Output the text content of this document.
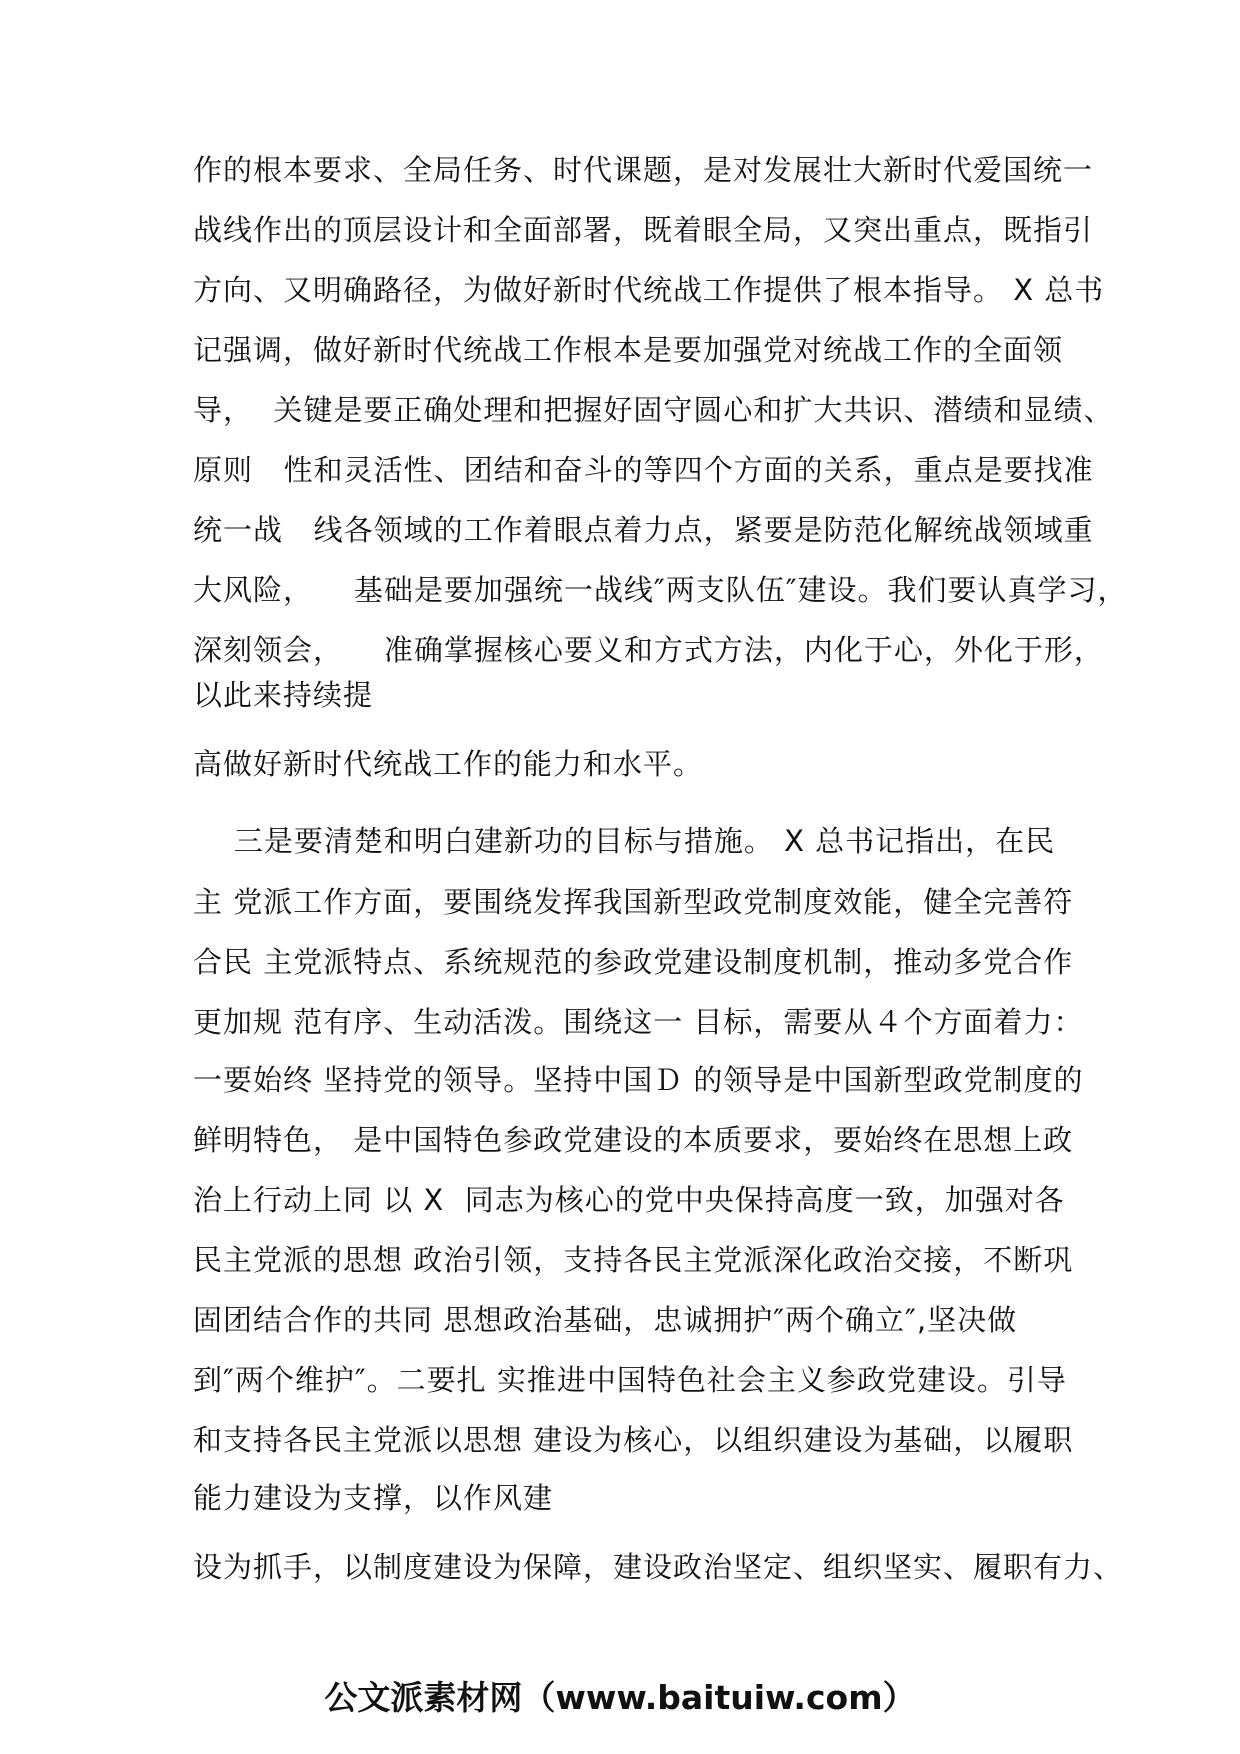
作的根本要求、全局任务、时代课题，是对发展壮大新时代爱国统一
战线作出的顶层设计和全面部署，既着眼全局，又突出重点，既指引
方向、又明确路径，为做好新时代统战工作提供了根本指导。 X 总书
记强调，做好新时代统战工作根本是要加强党对统战工作的全面领
导，  关键是要正确处理和把握好固守圆心和扩大共识、潜绩和显绩、
原则   性和灵活性、团结和奋斗的等四个方面的关系，重点是要找准
统一战   线各领域的工作着眼点着力点，紧要是防范化解统战领域重
大风险，    基础是要加强统一战线″两支队伍″建设。我们要认真学习，
深刻领会，    准确掌握核心要义和方式方法，内化于心，外化于形，
以此来持续提
高做好新时代统战工作的能力和水平。
三是要清楚和明白建新功的目标与措施。 X 总书记指出，在民
主 党派工作方面，要围绕发挥我国新型政党制度效能，健全完善符
合民 主党派特点、系统规范的参政党建设制度机制，推动多党合作
更加规 范有序、生动活泼。围绕这一 目标，需要从４个方面着力：
一要始终 坚持党的领导。坚持中国Ｄ 的领导是中国新型政党制度的
鲜明特色， 是中国特色参政党建设的本质要求，要始终在思想上政
治上行动上同 以 X  同志为核心的党中央保持高度一致，加强对各
民主党派的思想 政治引领，支持各民主党派深化政治交接，不断巩
固团结合作的共同 思想政治基础，忠诚拥护″两个确立″,坚决做
到″两个维护″。二要扎 实推进中国特色社会主义参政党建设。引导
和支持各民主党派以思想 建设为核心，以组织建设为基础，以履职
能力建设为支撑，以作风建
设为抓手，以制度建设为保障，建设政治坚定、组织坚实、履职有力、
公文派素材网（www.baituiw.com）
